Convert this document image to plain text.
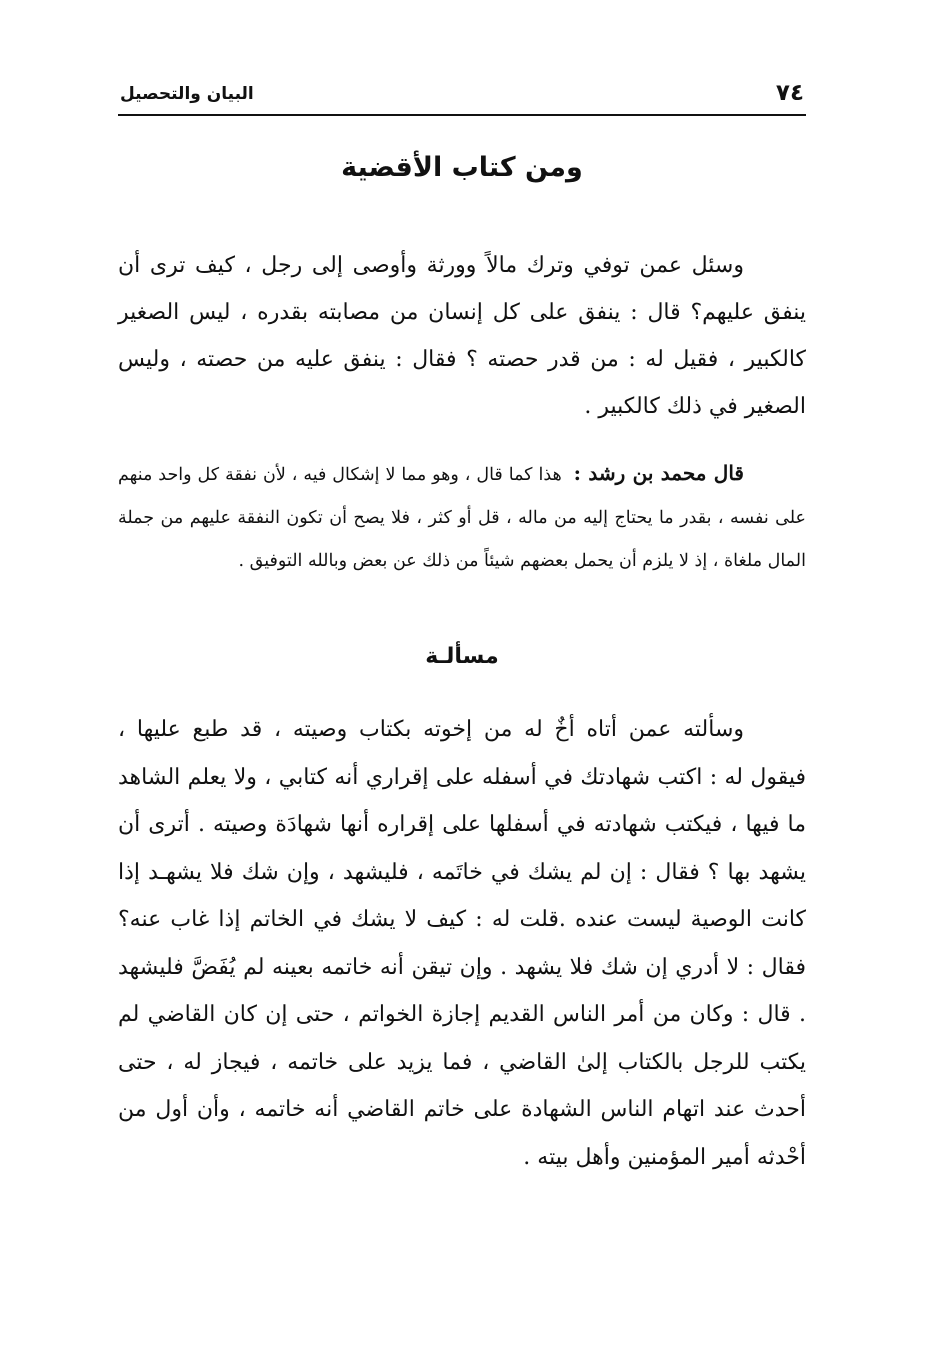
٧٤
البيان والتحصيل
ومن كتاب الأقضية
وسئل عمن توفي وترك مالاً وورثة وأوصى إلى رجل ، كيف ترى أن ينفق عليهم؟ قال : ينفق على كل إنسان من مصابته بقدره ، ليس الصغير كالكبير ، فقيل له : من قدر حصته ؟ فقال : ينفق عليه من حصته ، وليس الصغير في ذلك كالكبير .
قال محمد بن رشد : هذا كما قال ، وهو مما لا إشكال فيه ، لأن نفقة كل واحد منهم على نفسه ، بقدر ما يحتاج إليه من ماله ، قل أو كثر ، فلا يصح أن تكون النفقة عليهم من جملة المال ملغاة ، إذ لا يلزم أن يحمل بعضهم شيئاً من ذلك عن بعض وبالله التوفيق .
مسألـة
وسألته عمن أتاه أخٌ له من إخوته بكتاب وصيته ، قد طبع عليها ، فيقول له : اكتب شهادتك في أسفله على إقراري أنه كتابي ، ولا يعلم الشاهد ما فيها ، فيكتب شهادته في أسفلها على إقراره أنها شهادَة وصيته . أترى أن يشهد بها ؟ فقال : إن لم يشك في خاتَمه ، فليشهد ، وإن شك فلا يشهـد إذا كانت الوصية ليست عنده .قلت له : كيف لا يشك في الخاتم إذا غاب عنه؟ فقال : لا أدري إن شك فلا يشهد . وإن تيقن أنه خاتمه بعينه لم يُفَضَّ فليشهد . قال : وكان من أمر الناس القديم إجازة الخواتم ، حتى إن كان القاضي لم يكتب للرجل بالكتاب إلىٰ القاضي ، فما يزيد على خاتمه ، فيجاز له ، حتى أحدث عند اتهام الناس الشهادة على خاتم القاضي أنه خاتمه ، وأن أول من أحْدثه أمير المؤمنين وأهل بيته .
